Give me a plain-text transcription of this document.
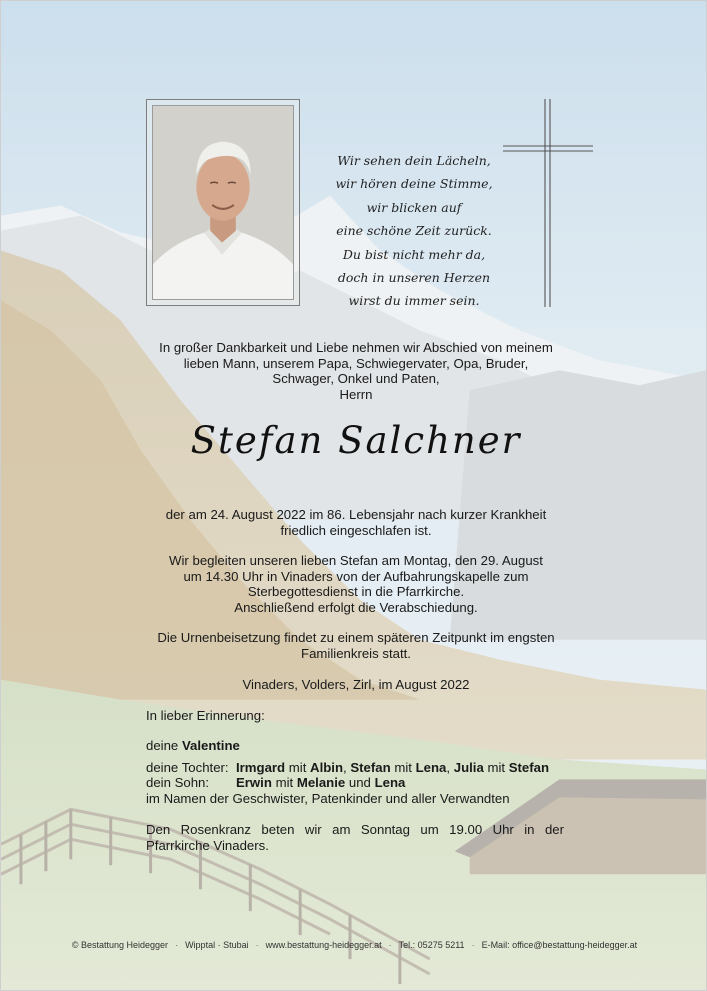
Wir sehen dein Lächeln,
wir hören deine Stimme,
wir blicken auf
eine schöne Zeit zurück.
Du bist nicht mehr da,
doch in unseren Herzen
wirst du immer sein.
In großer Dankbarkeit und Liebe nehmen wir Abschied von meinem
lieben Mann, unserem Papa, Schwiegervater, Opa, Bruder,
Schwager, Onkel und Paten,
Herrn
Stefan Salchner
der am 24. August 2022 im 86. Lebensjahr nach kurzer Krankheit
friedlich eingeschlafen ist.
Wir begleiten unseren lieben Stefan am Montag, den 29. August
um 14.30 Uhr in Vinaders von der Aufbahrungskapelle zum
Sterbegottesdienst in die Pfarrkirche.
Anschließend erfolgt die Verabschiedung.
Die Urnenbeisetzung findet zu einem späteren Zeitpunkt im engsten
Familienkreis statt.
Vinaders, Volders, Zirl, im August 2022
In lieber Erinnerung:
deine Valentine
deine Tochter: Irmgard mit Albin, Stefan mit Lena, Julia mit Stefan
dein Sohn:	Erwin mit Melanie und Lena
im Namen der Geschwister, Patenkinder und aller Verwandten
Den Rosenkranz beten wir am Sonntag um 19.00 Uhr in der
Pfarrkirche Vinaders.
© Bestattung Heidegger · Wipptal · Stubai · www.bestattung-heidegger.at · Tel.: 05275 5211 · E-Mail: office@bestattung-heidegger.at
